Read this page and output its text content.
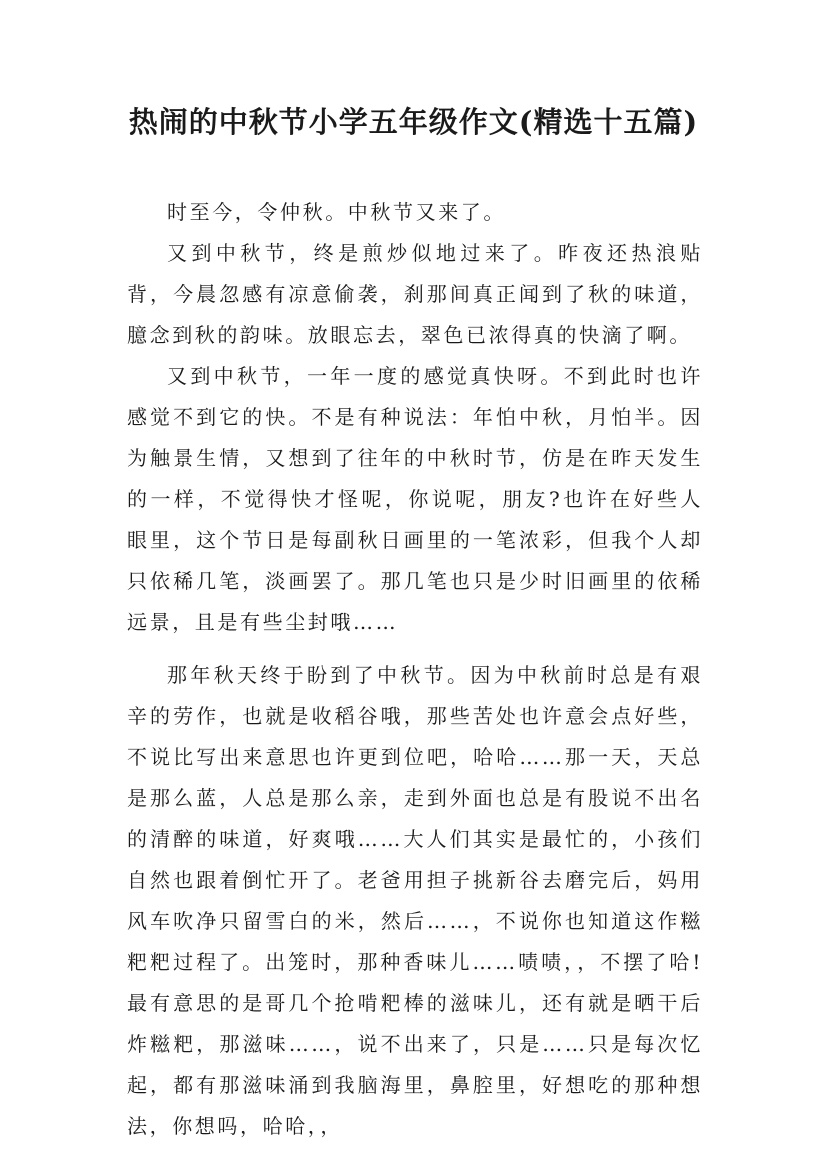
热闹的中秋节小学五年级作文(精选十五篇)

时至今，令仲秋。中秋节又来了。

又到中秋节，终是煎炒似地过来了。昨夜还热浪贴背，今晨忽感有凉意偷袭，刹那间真正闻到了秋的味道，臆念到秋的韵味。放眼忘去，翠色已浓得真的快滴了啊。

又到中秋节，一年一度的感觉真快呀。不到此时也许感觉不到它的快。不是有种说法：年怕中秋，月怕半。因为触景生情，又想到了往年的中秋时节，仿是在昨天发生的一样，不觉得快才怪呢，你说呢，朋友?也许在好些人眼里，这个节日是每副秋日画里的一笔浓彩，但我个人却只依稀几笔，淡画罢了。那几笔也只是少时旧画里的依稀远景，且是有些尘封哦……

那年秋天终于盼到了中秋节。因为中秋前时总是有艰辛的劳作，也就是收稻谷哦，那些苦处也许意会点好些，不说比写出来意思也许更到位吧，哈哈……那一天，天总是那么蓝，人总是那么亲，走到外面也总是有股说不出名的清醉的味道，好爽哦……大人们其实是最忙的，小孩们自然也跟着倒忙开了。老爸用担子挑新谷去磨完后，妈用风车吹净只留雪白的米，然后……，不说你也知道这作糍粑粑过程了。出笼时，那种香味儿……啧啧，，不摆了哈!最有意思的是哥几个抢啃粑棒的滋味儿，还有就是晒干后炸糍粑，那滋味……，说不出来了，只是……只是每次忆起，都有那滋味涌到我脑海里，鼻腔里，好想吃的那种想法，你想吗，哈哈，，
